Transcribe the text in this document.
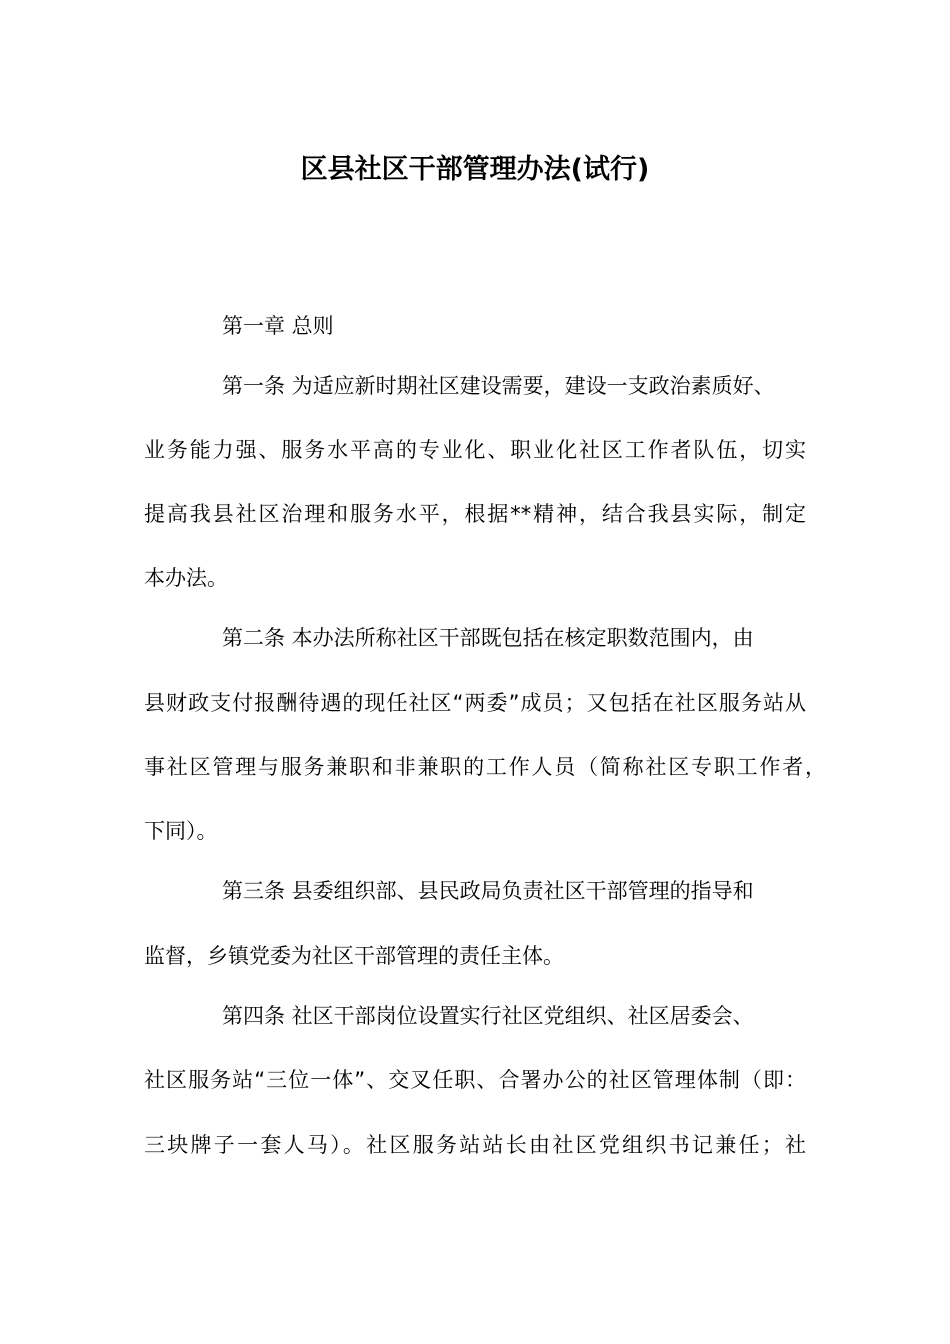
区县社区干部管理办法(试行)
第一章 总则
第一条 为适应新时期社区建设需要，建设一支政治素质好、
业务能力强、服务水平高的专业化、职业化社区工作者队伍，切实
提高我县社区治理和服务水平，根据**精神，结合我县实际，制定
本办法。
第二条 本办法所称社区干部既包括在核定职数范围内，由
县财政支付报酬待遇的现任社区“两委”成员；又包括在社区服务站从
事社区管理与服务兼职和非兼职的工作人员（简称社区专职工作者，
下同）。
第三条 县委组织部、县民政局负责社区干部管理的指导和
监督，乡镇党委为社区干部管理的责任主体。
第四条 社区干部岗位设置实行社区党组织、社区居委会、
社区服务站“三位一体”、交叉任职、合署办公的社区管理体制（即：
三块牌子一套人马）。社区服务站站长由社区党组织书记兼任；社
